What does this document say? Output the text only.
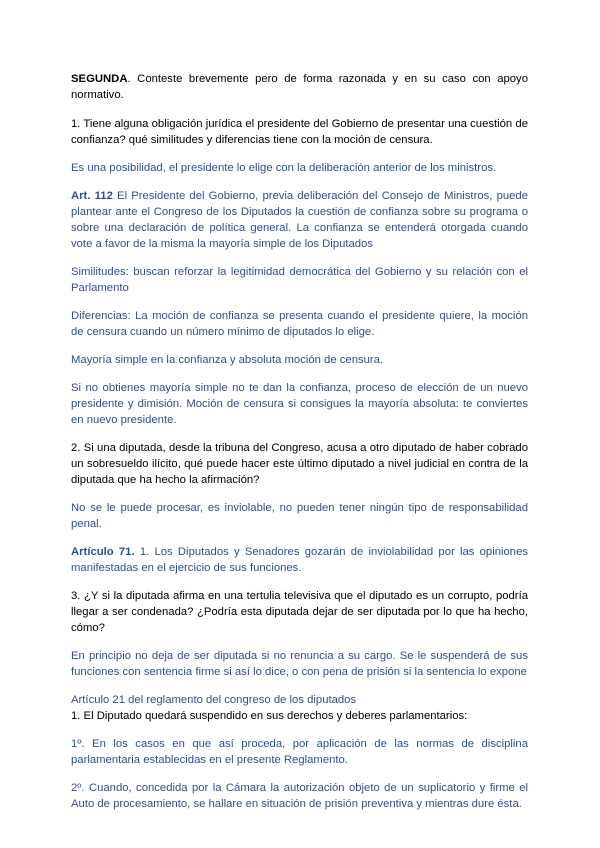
SEGUNDA. Conteste brevemente pero de forma razonada y en su caso con apoyo normativo.

1. Tiene alguna obligación jurídica el presidente del Gobierno de presentar una cuestión de confianza? qué similitudes y diferencias tiene con la moción de censura.

Es una posibilidad, el presidente lo elige con la deliberación anterior de los ministros.

Art. 112 El Presidente del Gobierno, previa deliberación del Consejo de Ministros, puede plantear ante el Congreso de los Diputados la cuestión de confianza sobre su programa o sobre una declaración de política general. La confianza se entenderá otorgada cuando vote a favor de la misma la mayoría simple de los Diputados

Similitudes: buscan reforzar la legitimidad democrática del Gobierno y su relación con el Parlamento

Diferencias: La moción de confianza se presenta cuando el presidente quiere, la moción de censura cuando un número mínimo de diputados lo elige.

Mayoría simple en la confianza y absoluta moción de censura.

Si no obtienes mayoría simple no te dan la confianza, proceso de elección de un nuevo presidente y dimisión. Moción de censura si consigues la mayoría absoluta: te conviertes en nuevo presidente.

2. Si una diputada, desde la tribuna del Congreso, acusa a otro diputado de haber cobrado un sobresueldo ilícito, qué puede hacer este último diputado a nivel judicial en contra de la diputada que ha hecho la afirmación?

No se le puede procesar, es inviolable, no pueden tener ningún tipo de responsabilidad penal.

Artículo 71. 1. Los Diputados y Senadores gozarán de inviolabilidad por las opiniones manifestadas en el ejercicio de sus funciones.

3. ¿Y si la diputada afirma en una tertulia televisiva que el diputado es un corrupto, podría llegar a ser condenada? ¿Podría esta diputada dejar de ser diputada por lo que ha hecho, cómo?

En principio no deja de ser diputada si no renuncia a su cargo. Se le suspenderá de sus funciones con sentencia firme si así lo dice, o con pena de prisión si la sentencia lo expone

Artículo 21 del reglamento del congreso de los diputados

1. El Diputado quedará suspendido en sus derechos y deberes parlamentarios:

1º. En los casos en que así proceda, por aplicación de las normas de disciplina parlamentaria establecidas en el presente Reglamento.

2º. Cuando, concedida por la Cámara la autorización objeto de un suplicatorio y firme el Auto de procesamiento, se hallare en situación de prisión preventiva y mientras dure ésta.
